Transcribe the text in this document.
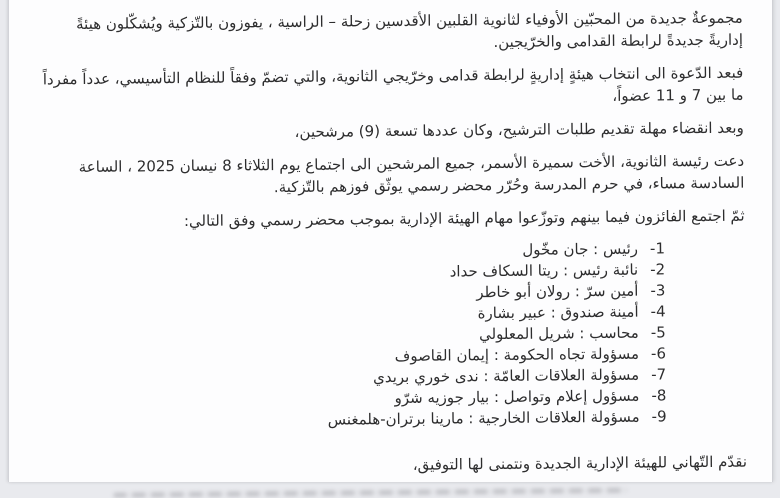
مجموعةٌ جديدة من المحبّين الأوفياء لثانوية القلبين الأقدسين زحلة – الراسية ، يفوزون بالتّزكية ويُشكّلون هيئةً إداريةً جديدةً لرابطة القدامى والخرّيجين.

فبعد الدّعوة الى انتخاب هيئةٍ إداريةٍ لرابطة قدامى وخرّيجي الثانوية، والتي تضمّ وفقاً للنظام التأسيسي، عدداً مفرداً ما بين 7 و 11 عضواً،

وبعد انقضاء مهلة تقديم طلبات الترشيح، وكان عددها تسعة (9) مرشحين،

دعت رئيسة الثانوية، الأخت سميرة الأسمر، جميع المرشحين الى اجتماع يوم الثلاثاء 8 نيسان 2025 ، الساعة السادسة مساء، في حرم المدرسة وحُرّر محضر رسمي يوثّق فوزهم بالتّزكية.

ثمّ اجتمع الفائزون فيما بينهم وتوزّعوا مهام الهيئة الإدارية بموجب محضر رسمي وفق التالي:

1-
رئيس : جان مخّول
2-
نائبة رئيس : ريتا السكاف حداد
3-
أمين سرّ : رولان أبو خاطر
4-
أمينة صندوق : عبير بشارة
5-
محاسب : شريل المعلولي
6-
مسؤولة تجاه الحكومة : إيمان القاصوف
7-
مسؤولة العلاقات العامّة : ندى خوري بريدي
8-
مسؤول إعلام وتواصل : بيار جوزيه شرّو
9-
مسؤولة العلاقات الخارجية : مارينا برتران-هلمغنس

نقدّم التّهاني للهيئة الإدارية الجديدة ونتمنى لها التوفيق،
